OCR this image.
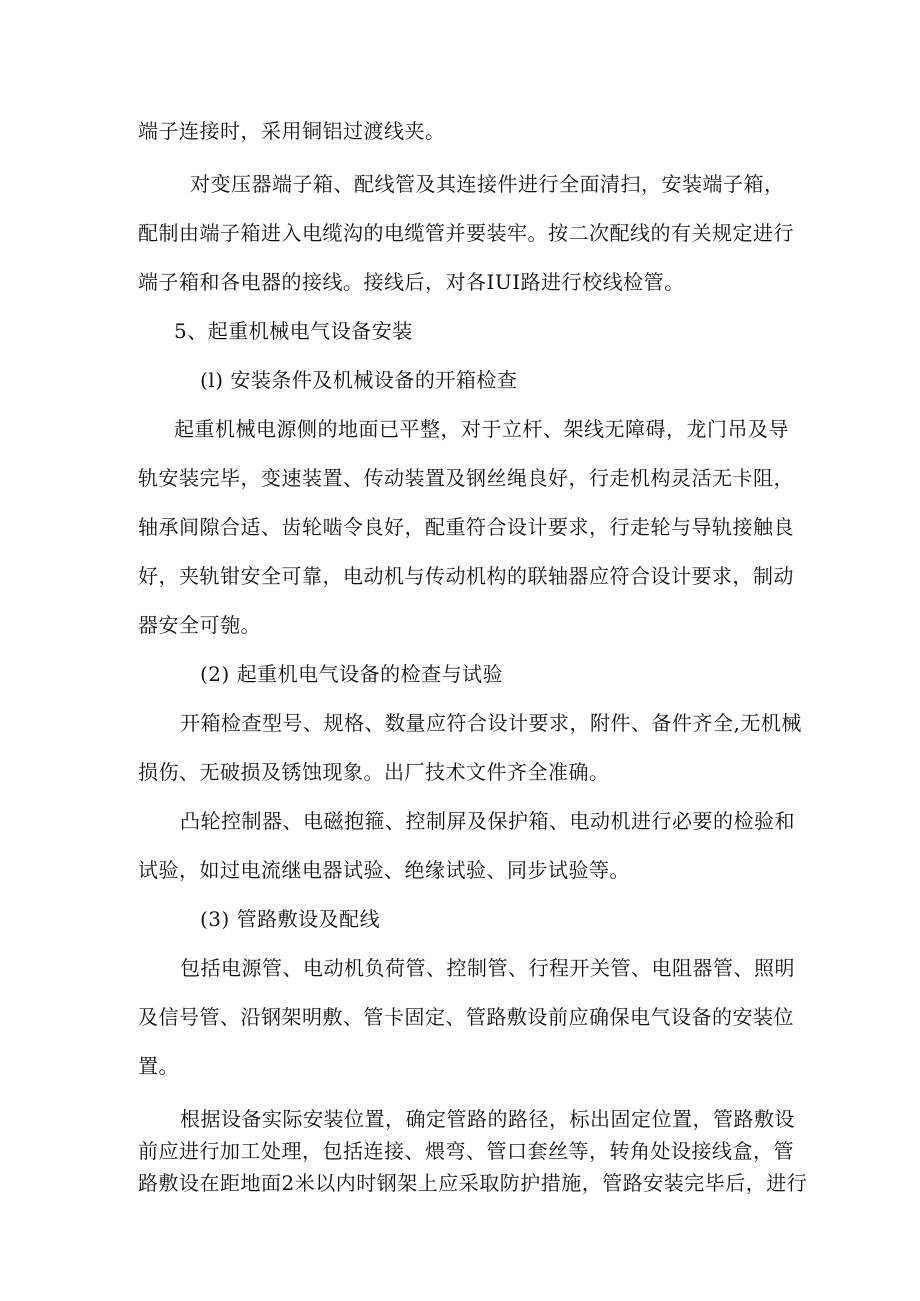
端子连接时，采用铜铝过渡线夹。
对变压器端子箱、配线管及其连接件进行全面清扫，安装端子箱，
配制由端子箱进入电缆沟的电缆管并要装牢。按二次配线的有关规定进行
端子箱和各电器的接线。接线后，对各IUI路进行校线检管。
5、起重机械电气设备安装
(l) 安装条件及机械设备的开箱检查
起重机械电源侧的地面已平整，对于立杆、架线无障碍，龙门吊及导
轨安装完毕，变速装置、传动装置及钢丝绳良好，行走机构灵活无卡阻，
轴承间隙合适、齿轮啮令良好，配重符合设计要求，行走轮与导轨接触良
好，夹轨钳安全可靠，电动机与传动机构的联轴器应符合设计要求，制动
器安全可匏。
(2) 起重机电气设备的检查与试验
开箱检查型号、规格、数量应符合设计要求，附件、备件齐全,无机械
损伤、无破损及锈蚀现象。出厂技术文件齐全准确。
凸轮控制器、电磁抱箍、控制屏及保护箱、电动机进行必要的检验和
试验，如过电流继电器试验、绝缘试验、同步试验等。
(3) 管路敷设及配线
包括电源管、电动机负荷管、控制管、行程开关管、电阻器管、照明
及信号管、沿钢架明敷、管卡固定、管路敷设前应确保电气设备的安装位
置。
根据设备实际安装位置，确定管路的路径，标出固定位置，管路敷设
前应进行加工处理，包括连接、煨弯、管口套丝等，转角处设接线盒，管
路敷设在距地面2米以内时钢架上应采取防护措施，管路安装完毕后，进行
